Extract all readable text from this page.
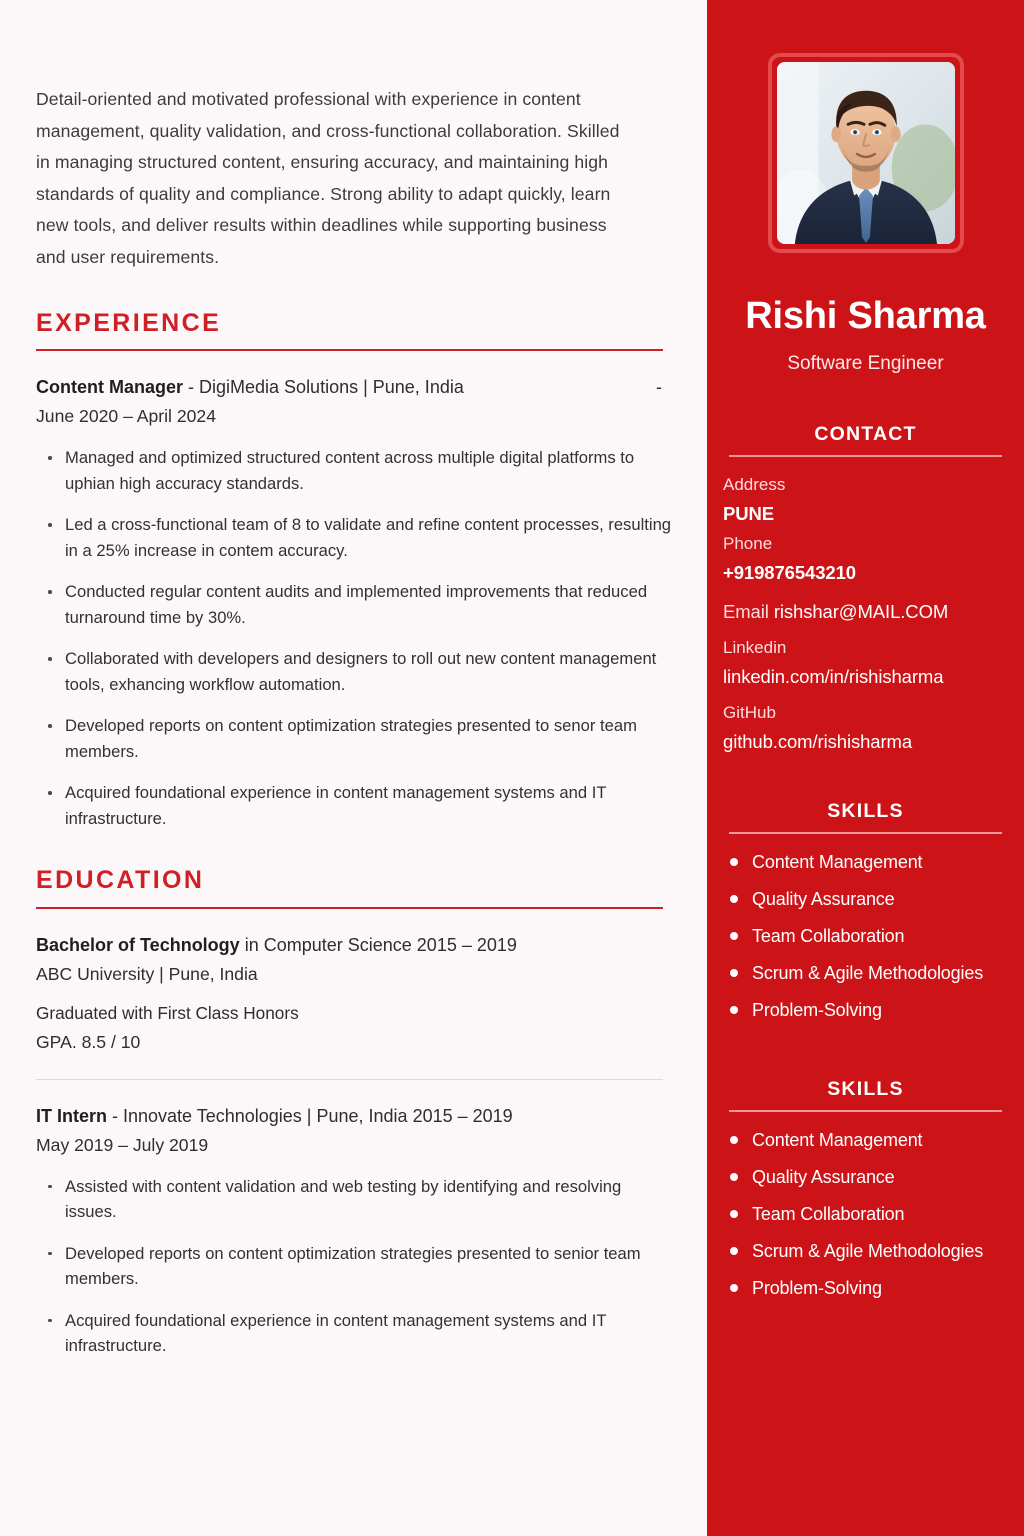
Detail-oriented and motivated professional with experience in content management, quality validation, and cross-functional collaboration. Skilled in managing structured content, ensuring accuracy, and maintaining high standards of quality and compliance. Strong ability to adapt quickly, learn new tools, and deliver results within deadlines while supporting business and user requirements.

EXPERIENCE
Content Manager - DigiMedia Solutions | Pune, India	-
June 2020 – April 2024
Managed and optimized structured content across multiple digital platforms to uphian high accuracy standards.
Led a cross-functional team of 8 to validate and refine content processes, resulting in a 25% increase in contem accuracy.
Conducted regular content audits and implemented improvements that reduced turnaround time by 30%.
Collaborated with developers and designers to roll out new content management tools, exhancing workflow automation.
Developed reports on content optimization strategies presented to senor team members.
Acquired foundational experience in content management systems and IT infrastructure.
EDUCATION
Bachelor of Technology in Computer Science 2015 – 2019
ABC University | Pune, India
Graduated with First Class Honors
GPA. 8.5 / 10
IT Intern - Innovate Technologies | Pune, India 2015 – 2019
May 2019 – July 2019
Assisted with content validation and web testing by identifying and resolving issues.
Developed reports on content optimization strategies presented to senior team members.
Acquired foundational experience in content management systems and IT infrastructure.
Rishi Sharma
Software Engineer
CONTACT
Address
PUNE
Phone
+919876543210
Email rishshar@MAIL.COM
Linkedin
linkedin.com/in/rishisharma
GitHub
github.com/rishisharma
SKILLS
Content Management
Quality Assurance
Team Collaboration
Scrum & Agile Methodologies
Problem-Solving
SKILLS
Content Management
Quality Assurance
Team Collaboration
Scrum & Agile Methodologies
Problem-Solving
